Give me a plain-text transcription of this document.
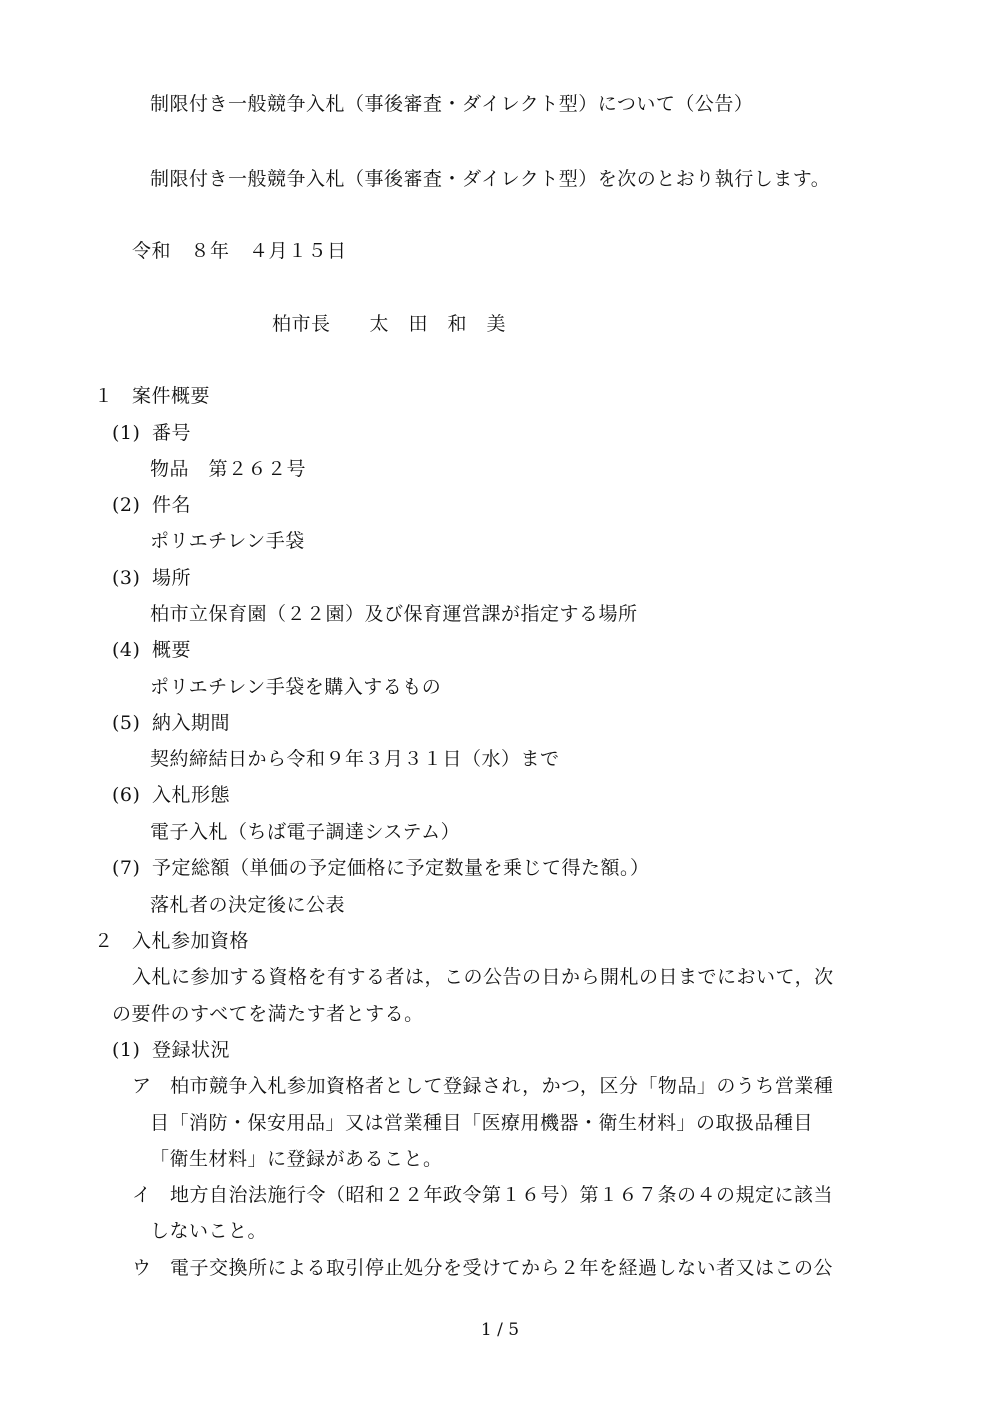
制限付き一般競争入札（事後審査・ダイレクト型）について（公告）
制限付き一般競争入札（事後審査・ダイレクト型）を次のとおり執行します。
令和　８年　４月１５日
柏市長　　太　田　和　美
１ 案件概要
(1) 番号
物品　第２６２号
(2) 件名
ポリエチレン手袋
(3) 場所
柏市立保育園（２２園）及び保育運営課が指定する場所
(4) 概要
ポリエチレン手袋を購入するもの
(5) 納入期間
契約締結日から令和９年３月３１日（水）まで
(6) 入札形態
電子入札（ちば電子調達システム）
(7) 予定総額（単価の予定価格に予定数量を乗じて得た額。）
落札者の決定後に公表
２ 入札参加資格
入札に参加する資格を有する者は，この公告の日から開札の日までにおいて，次
の要件のすべてを満たす者とする。
(1) 登録状況
ア 柏市競争入札参加資格者として登録され，かつ，区分「物品」のうち営業種
目「消防・保安用品」又は営業種目「医療用機器・衛生材料」の取扱品種目
「衛生材料」に登録があること。
イ 地方自治法施行令（昭和２２年政令第１６号）第１６７条の４の規定に該当
しないこと。
ウ 電子交換所による取引停止処分を受けてから２年を経過しない者又はこの公
1 / 5
